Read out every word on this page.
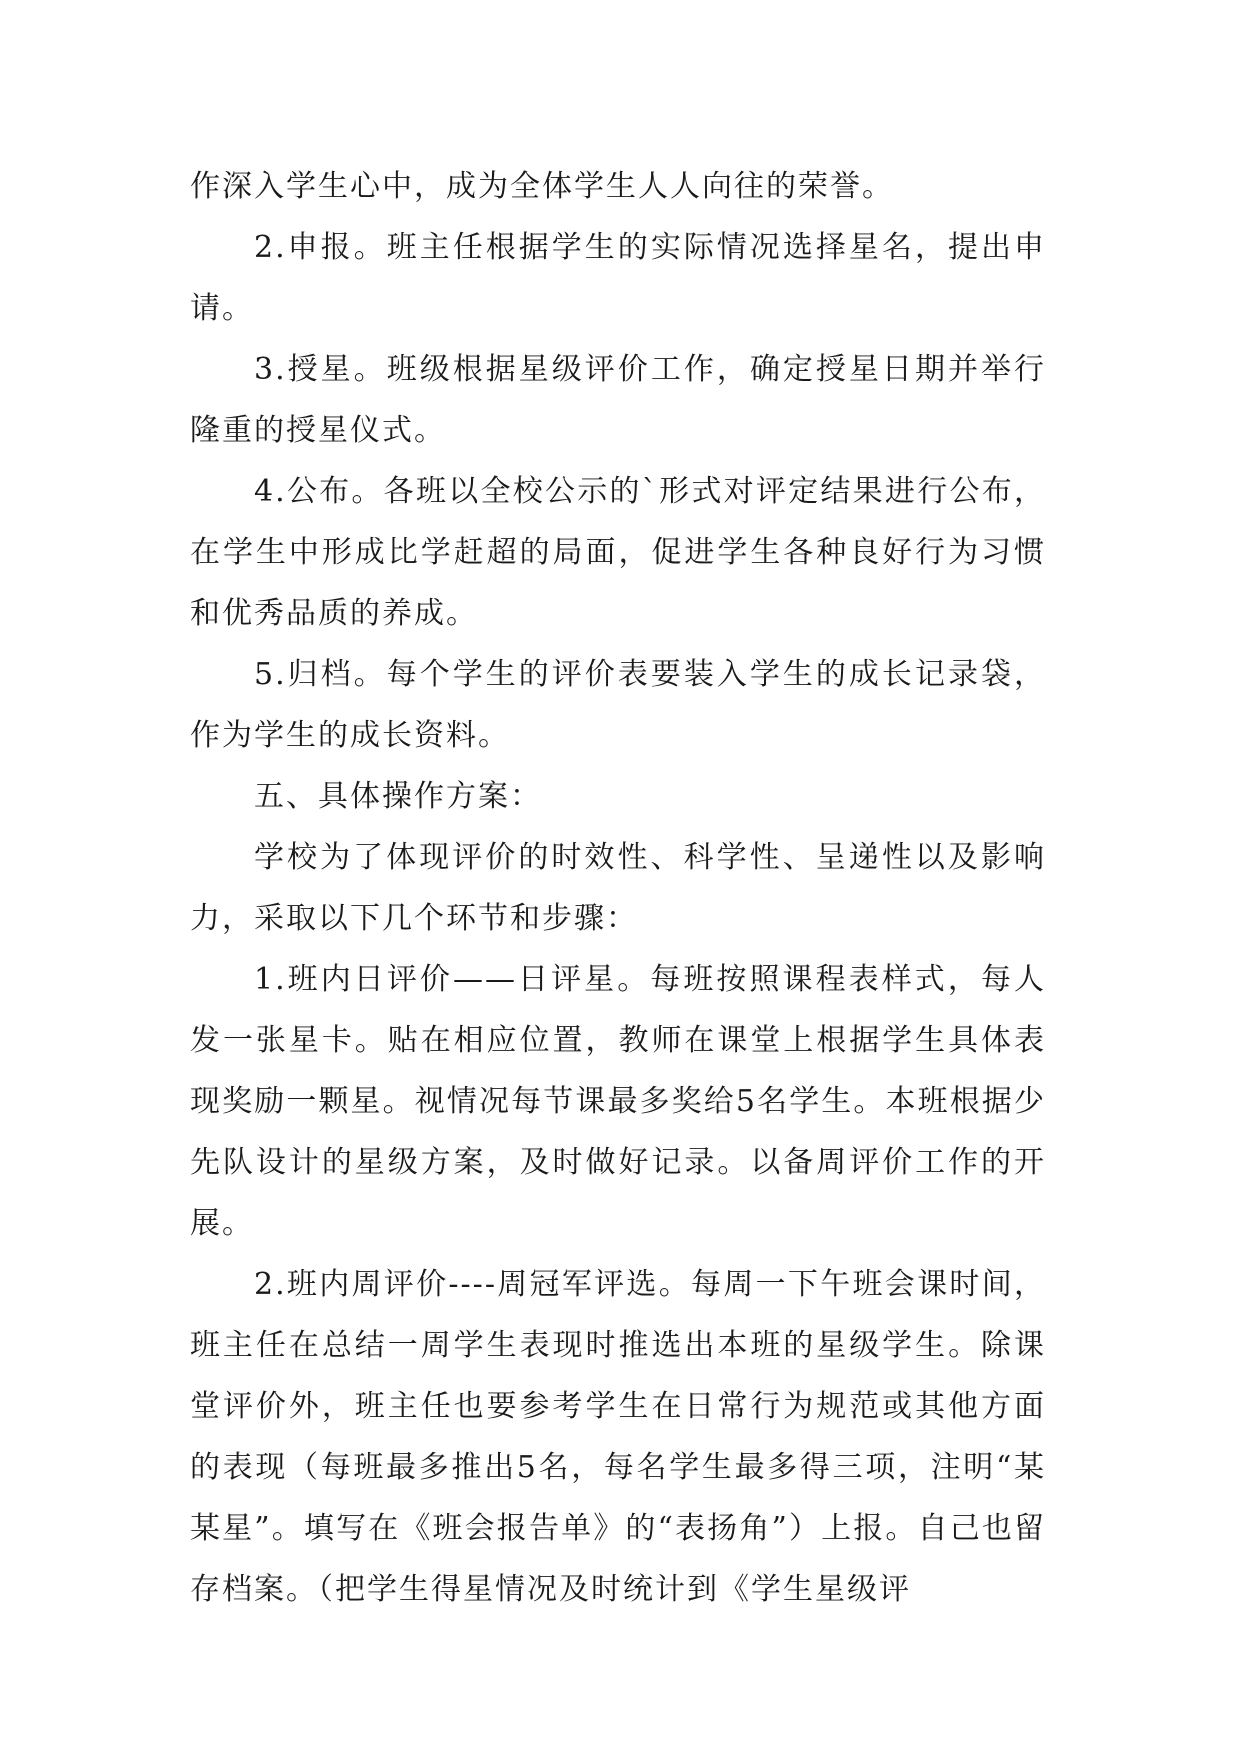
作深入学生心中，成为全体学生人人向往的荣誉。

2.申报。班主任根据学生的实际情况选择星名，提出申请。

3.授星。班级根据星级评价工作，确定授星日期并举行隆重的授星仪式。

4.公布。各班以全校公示的`形式对评定结果进行公布，在学生中形成比学赶超的局面，促进学生各种良好行为习惯和优秀品质的养成。

5.归档。每个学生的评价表要装入学生的成长记录袋，作为学生的成长资料。

五、具体操作方案：

学校为了体现评价的时效性、科学性、呈递性以及影响力，采取以下几个环节和步骤：

1.班内日评价——日评星。每班按照课程表样式，每人发一张星卡。贴在相应位置，教师在课堂上根据学生具体表现奖励一颗星。视情况每节课最多奖给5名学生。本班根据少先队设计的星级方案，及时做好记录。以备周评价工作的开展。

2.班内周评价----周冠军评选。每周一下午班会课时间，班主任在总结一周学生表现时推选出本班的星级学生。除课堂评价外，班主任也要参考学生在日常行为规范或其他方面的表现（每班最多推出5名，每名学生最多得三项，注明“某某星”。填写在《班会报告单》的“表扬角”）上报。自己也留存档案。（把学生得星情况及时统计到《学生星级评
